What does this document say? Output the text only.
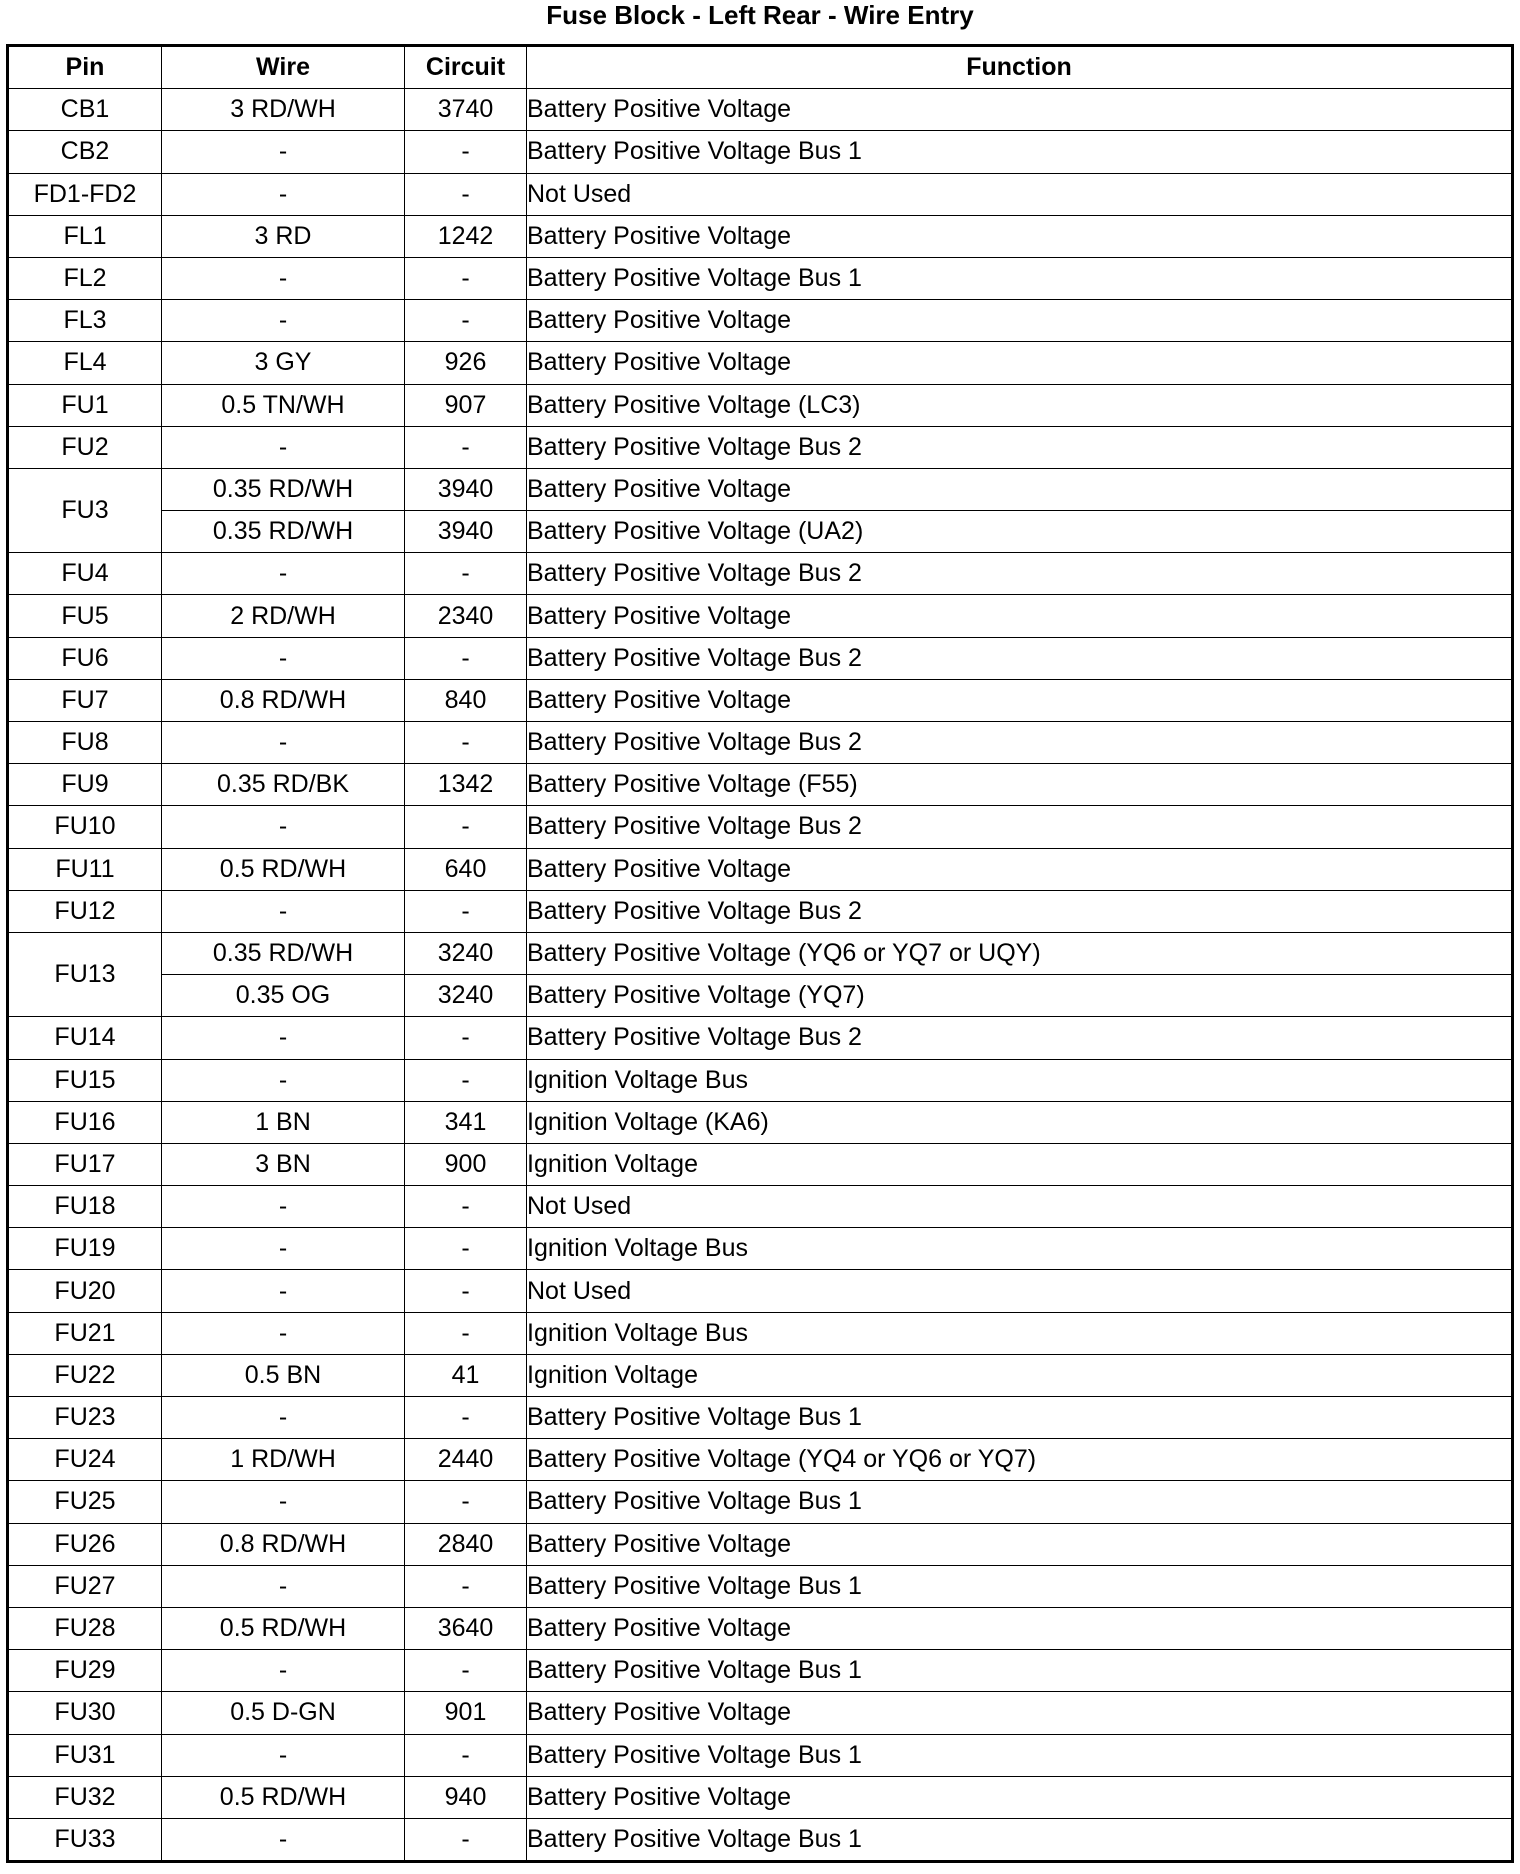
Fuse Block - Left Rear - Wire Entry
Pin	Wire	Circuit	Function
CB1	3 RD/WH	3740	Battery Positive Voltage
CB2	-	-	Battery Positive Voltage Bus 1
FD1-FD2	-	-	Not Used
FL1	3 RD	1242	Battery Positive Voltage
FL2	-	-	Battery Positive Voltage Bus 1
FL3	-	-	Battery Positive Voltage
FL4	3 GY	926	Battery Positive Voltage
FU1	0.5 TN/WH	907	Battery Positive Voltage (LC3)
FU2	-	-	Battery Positive Voltage Bus 2
FU3	0.35 RD/WH	3940	Battery Positive Voltage
	0.35 RD/WH	3940	Battery Positive Voltage (UA2)
FU4	-	-	Battery Positive Voltage Bus 2
FU5	2 RD/WH	2340	Battery Positive Voltage
FU6	-	-	Battery Positive Voltage Bus 2
FU7	0.8 RD/WH	840	Battery Positive Voltage
FU8	-	-	Battery Positive Voltage Bus 2
FU9	0.35 RD/BK	1342	Battery Positive Voltage (F55)
FU10	-	-	Battery Positive Voltage Bus 2
FU11	0.5 RD/WH	640	Battery Positive Voltage
FU12	-	-	Battery Positive Voltage Bus 2
FU13	0.35 RD/WH	3240	Battery Positive Voltage (YQ6 or YQ7 or UQY)
	0.35 OG	3240	Battery Positive Voltage (YQ7)
FU14	-	-	Battery Positive Voltage Bus 2
FU15	-	-	Ignition Voltage Bus
FU16	1 BN	341	Ignition Voltage (KA6)
FU17	3 BN	900	Ignition Voltage
FU18	-	-	Not Used
FU19	-	-	Ignition Voltage Bus
FU20	-	-	Not Used
FU21	-	-	Ignition Voltage Bus
FU22	0.5 BN	41	Ignition Voltage
FU23	-	-	Battery Positive Voltage Bus 1
FU24	1 RD/WH	2440	Battery Positive Voltage (YQ4 or YQ6 or YQ7)
FU25	-	-	Battery Positive Voltage Bus 1
FU26	0.8 RD/WH	2840	Battery Positive Voltage
FU27	-	-	Battery Positive Voltage Bus 1
FU28	0.5 RD/WH	3640	Battery Positive Voltage
FU29	-	-	Battery Positive Voltage Bus 1
FU30	0.5 D-GN	901	Battery Positive Voltage
FU31	-	-	Battery Positive Voltage Bus 1
FU32	0.5 RD/WH	940	Battery Positive Voltage
FU33	-	-	Battery Positive Voltage Bus 1
